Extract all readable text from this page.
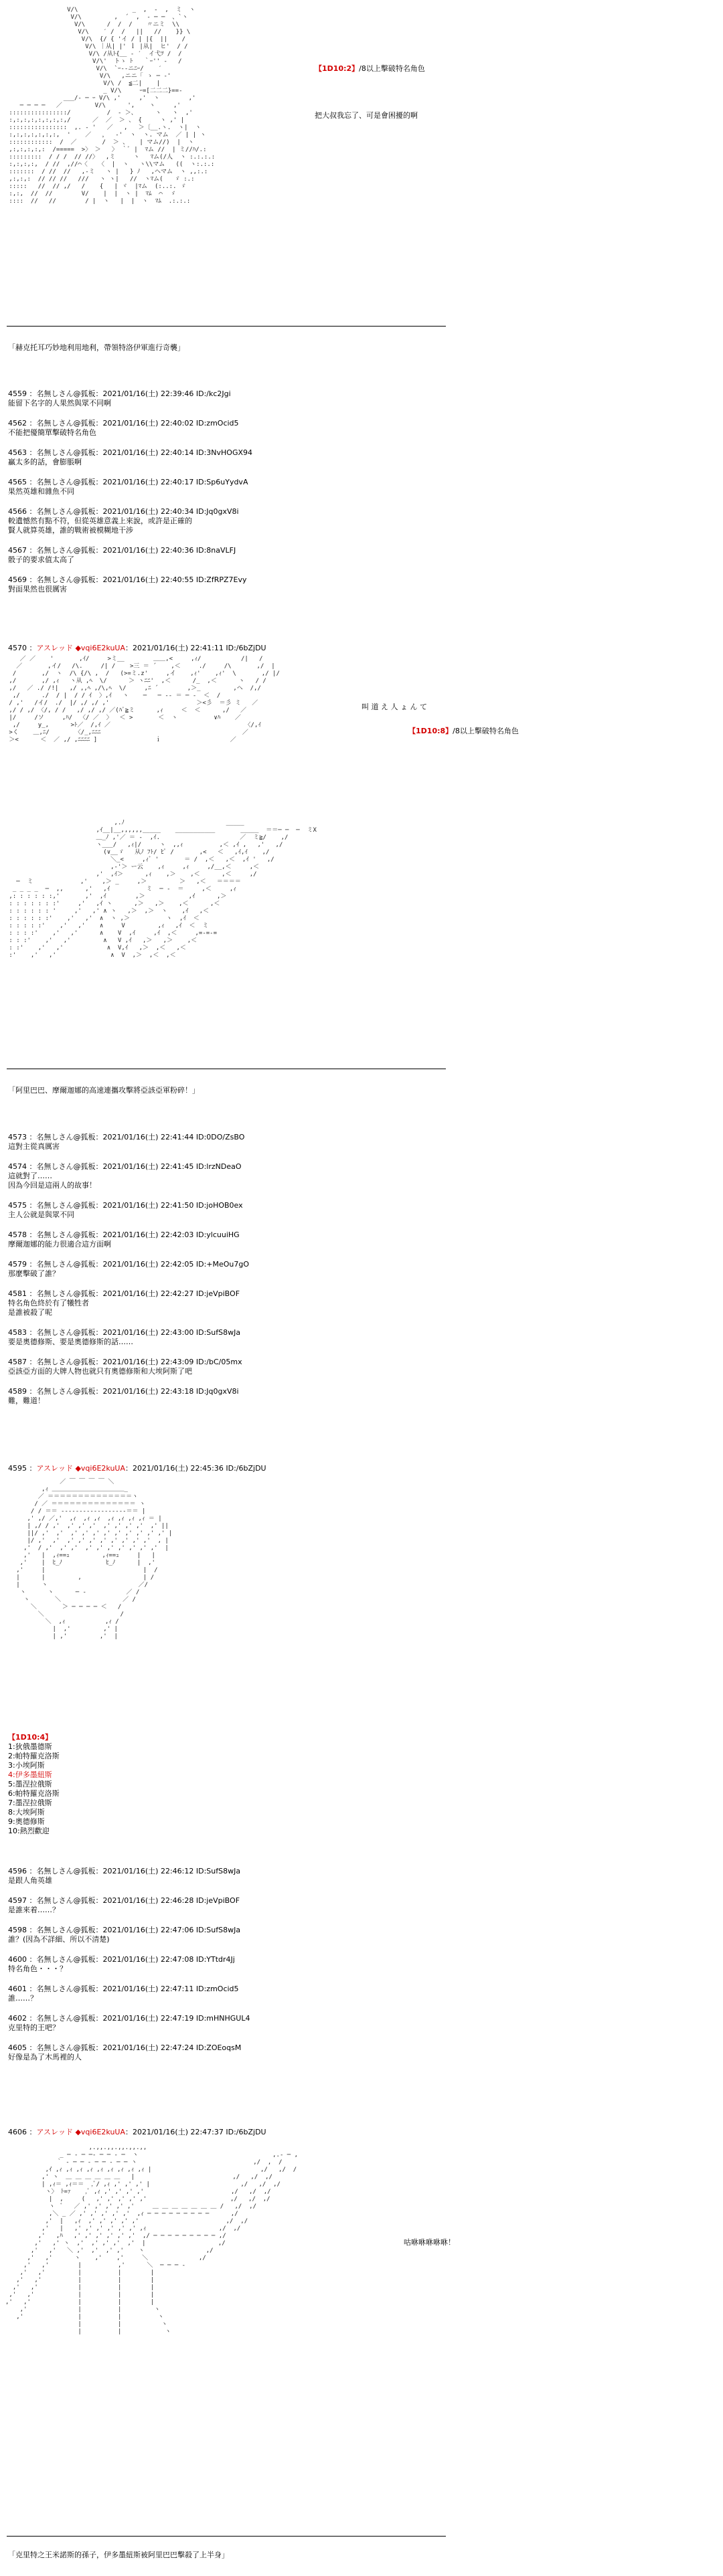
V/\               _  ,  ‐  ,  ミ  ヽ
V/\         ,  ´  ,  ‐ ─ ─  、`ヽ
V/\      /  /  /    〃ニミ  \\
V/\    ′ /  /   ||   //    }} \
V/\  {/ { 'イ / | |{  ||    /
V/\ ｜从| |' ｌ |从|  ヒ'  / /
V/\ /从ﾄ{__ ‐ ′  イ弋ﾂ /  /
V/\'  トゝ ﾄ   ｀ｰ'' ‐   /
V/\  `ｰ‐-ニﾆｰ/    ′
V/\   ,ニニ「 ゝ ─ ‐'
V/\ /  ≦二|    |
_ V/\     ｰ=[二二二}==-
___/‐ ─ ｰ V/\ ,'     ,'  ヽ        ,'
─ ─ ─ ─   ／         V/\      ',    ヽ     ,'
::::::::::::::::/          /  ‐ ＞、     ヽ   ヽ  ,'
:,:,:,:,:,:,:,:,/      ／  ／  ＞ 、 {     ヽ ,' |
::::::::::::::::  ,. ‐ '   ／   ,   ＞〔__.ヽ.  ヽ|  ヽ
:,:,:,:,:,:,:,  '    ／   ，  ‐'  ヽ  ヽ. マム  ／ | | ヽ
::::::::::::  /  ／       /  ＞ 、   | マム//)  |  ヽ
,:,:,:,:,:  /=====  >〉 ＞   〉 ｀ﾞ |  ﾏム //  | ミ//ﾊ/.:
:::::::::  / / /  // //〉  ,ミ     ヽ   ﾏム(/人  ヽ :.:.:.:
:,:,:,:,  / //  ,//⌒〈   〈  |  ヽ   ヽ\\マム   ((  ヽ:.:.:
:::::::  / //  //   ,-ミ   ヽ |   } ﾉ   ,ヘマム  ヽ ,,:.:
,:,:,:  // // //   ///   ヽ ヽ|   //  ヽﾏム(   ゞ :.:
:::::   //  // ,/   /    {   | ヾ  |ﾏム  (:..:. ゞ
:,:,  //  //        V/    |  |  ヽ |  ﾏﾑ  ⌒  ゞ
::::  //   //        / |  ヽ   |  |  ヽ  ﾏﾑ  .:.:.:

【1D10:2】/8以上擊破特名角色
把大叔我忘了、可是會困擾的啊
「赫克托耳巧妙地利用地利，帶領特洛伊軍進行奇襲」
4559 ：名無しさん@狐板：2021/01/16(土) 22:39:46 ID:/kc2Jgi
能留下名字的人果然與眾不同啊
4562 ：名無しさん@狐板：2021/01/16(土) 22:40:02 ID:zmOcid5
不能把優簡單擊破特名角色
4563 ：名無しさん@狐板：2021/01/16(土) 22:40:14 ID:3NvHOGX94
贏太多的話，會膨脹啊
4565 ：名無しさん@狐板：2021/01/16(土) 22:40:17 ID:Sp6uYydvA
果然英雄和雜魚不同
4566 ：名無しさん@狐板：2021/01/16(土) 22:40:34 ID:Jq0gxV8i
較遺憾然有點不符，但從英雄意義上來說，或許是正確的
賢人就算英雄，誰的戰術被模糊地干涉
4567 ：名無しさん@狐板：2021/01/16(土) 22:40:36 ID:8naVLFJ
骰子的要求值太高了
4569 ：名無しさん@狐板：2021/01/16(土) 22:40:55 ID:ZfRPZ7Evy
對面果然也很厲害
4570 ：アスレッド ◆vqi6E2kuUA：2021/01/16(土) 22:41:11 ID:/6bZjDU
／ ／    '       ,ｲ/     >ミ__        ＿＿,<     ,ｨ/           /|   /
／       ,イ/   /\.     /| /    >三 ＝ ´    ,＜     ./     /\       ,/  |
/       ,/  ヽ  /\ {/\ ,  /   (>=ミ.z'     ,イ    ,ｨ'    ,ｨ'  \       ,/ |/
,/       ,/ ,ｨ   ヽ从 ,ﾍ  \/      ＞ ヽﾆﾆ'  ,＜      /_  ,＜      ヽ   / /
,/   ／ ./ /!|   ,/ ,,ﾍ ,/\,ﾍ  \/     ,ﾆ ´        ,＞_         ,ヘ  /,/
,/      ./  / |  / / ｲ  〉,ｲ   ヽ    ─   ─ ‐‐ ＝ ─ ‐  ＜  /
/ ,'   /イ/  ./  |/ ,/ ,/ ,'                        ＞<彡  ＝彡 ミ   ／
,/ / ,/ 〈/, / /   ,/ ,/ ,/ ／(ﾊﾞ≧ミ      ,ｨ     ＜  ＜      ,/   ／
|/     /ソ     ,ﾊ/  〈/ ／  〉  ＜ >       ＜  ヽ          ∨ﾊ    ／
,/     y_,      >ﾄ／  /,ｲ ／                                     〈/,ｲ
>く    ＿,ﾆ/       〈/_,ﾆﾆﾆ                                       ／
＞<      ＜  ／ ,/ ,ﾆﾆﾆﾆ ]                ｉ                   ／

【1D10:8】/8以上擊破特名角色
叫 道 え 人 ょ ん て
,.ﾉ                            _____
,ｲ__|__,,,,,,_____    ___________       _____  ＝＝─ ─  ─  ミX
＿_ﾉ ,'／ ＝ ‐  ,ｲ.                      ／  ミ≧/    ,/
ヽ___/   ,ｨ|/     ヽ  ,,ｨ          ,＜ ,ｲ ,   ,'   ,/
(∨__ゞ   从ﾉ ﾌﾄ/ ﾋﾟ /       ,<   ＜   ,ｲ,ｲ    ,/
＼_<     ,ｨﾞ '       ＝ /  ,＜   ,＜  ,ｲ '   ,/
,-'＞ ー云    ,ｨ     ,ｨ     ,/__,＜     ,＜
,'  ,ｲ＞      ,ｨ    ,＞    ,＜      ,＜     ,/
─  ミ             ,'    ,＞ _     ,＞         ＞   ,＜   ＝＝＝＝
_ _ _ _  ─  ,,      ,'   ,ｲ          ミ  ─ ‐  ＝     ,＜     ,ｨ
,: : : : : :,'       ,'  ,ｲ        ,＞            ,ｲ      ,＞
: : : : : : :'     ,'   ,ｲ ヽ      ,＞   ,＞    ,＜      ,＜
: : : : : : '     ,'   ,' ∧ ヽ   ,＞  ,＞  ヽ    ,ｲ   ,＜
: : : : : :'    ,'   ,'  ∧  ヽ ,＞          ヽ  ,ｲ  ＜
: : : : :'    ,'   ,'    ∧     V         ,ｨ   ,ｲ  ＜  ミ
: : : :'    ,'   ,'      ∧    V  ,ｲ     ,ｲ  ,＜     ,=-=-=
: : :'    ,'   ,'         ∧   V ,ｲ   ,＞   ,＞    ,＜
: :'    ,'   ,'            ∧  V,ｲ   ,＞  ,＜   ,＜
:'    ,'   ,'               ∧  V  ,＞  ,＜  ,＜

「阿里巴巴、摩爾迦娜的高速連攜攻擊將亞該亞軍粉碎！」
4573 ：名無しさん@狐板：2021/01/16(土) 22:41:44 ID:0DO/ZsBO
這對主從真厲害
4574 ：名無しさん@狐板：2021/01/16(土) 22:41:45 ID:lrzNDeaO
這就對了……
因為今回是這兩人的故事！
4575 ：名無しさん@狐板：2021/01/16(土) 22:41:50 ID:joHOB0ex
主人公就是與眾不同
4578 ：名無しさん@狐板：2021/01/16(土) 22:42:03 ID:ylcuuiHG
摩爾迦娜的能力很適合這方面啊
4579 ：名無しさん@狐板：2021/01/16(土) 22:42:05 ID:+MeOu7gO
那麼擊破了誰？
4581 ：名無しさん@狐板：2021/01/16(土) 22:42:27 ID:jeVpiBOF
特名角色終於有了犧牲者
是誰被殺了呢
4583 ：名無しさん@狐板：2021/01/16(土) 22:43:00 ID:SufS8wJa
要是奧德修斯、要是奧德修斯的話……
4587 ：名無しさん@狐板：2021/01/16(土) 22:43:09 ID:/bC/05mx
亞該亞方面的大牌人物也就只有奧德修斯和大埃阿斯了吧
4589 ：名無しさん@狐板：2021/01/16(土) 22:43:18 ID:Jq0gxV8i
難，難道！
4595 ：アスレッド ◆vqi6E2kuUA：2021/01/16(土) 22:45:36 ID:/6bZjDU
／ ￣ ￣ ￣ ￣ ＼
,ｨ ＿＿＿＿＿＿＿＿＿＿＿＿_
／ ＝＝＝＝＝＝＝＝＝＝＝＝＝＝ヽ
/ ／ ＝＝＝＝＝＝＝＝＝＝＝＝＝＝ ヽ
/ / ＝＝ ‐‐‐‐‐‐‐‐‐‐‐‐‐‐‐‐‐‐＝＝ |
,' ,/ ／,'  ,ｨ  ,ｨ ,ｨ  ,ｨ ,ｨ ,ｨ ,ｨ ＝ |
| ,/ / ,'  ,' ,' ,'  ,' ,' ,' ,'  ,' ||
||/ ,'  ,'  ,' ,' ,' ,' ,' ,' ,' ,' ,' |
|/ ,'  ,'  ,' ,' ,' ,' ,' ,' ,' ,'  , |
,'  / ,'  ,' ,'  ,' ,' ,' ,' ,' ,' ,'  |
,'   |  ,ｨ==ｭ         ,ｨ==ｭ     |   |
,'    |  ﾋ_ﾉ            ﾋ_ﾉ      |  ,'
,'     |                           |  /
|      |         ,                 | /
|      ヽ                         ／/
ヽ      ヽ      ─ ‐           ／ /
ヽ       ＼                 ／ /
＼       ＞ ─ ─ ─ ─ ＜   /
＼                     /
＼  ,ｨ           ,ｨ /
|  ,'         ,' |
| ,'         ,'  |

【1D10:4】
1:狄俄墨德斯
2:帕特羅克洛斯
3:小埃阿斯
4:伊多墨紐斯
5:墨涅拉俄斯
6:帕特羅克洛斯
7:墨涅拉俄斯
8:大埃阿斯
9:奧德修斯
10:熱烈歡迎
4596 ：名無しさん@狐板：2021/01/16(土) 22:46:12 ID:SufS8wJa
是跟人角英雄
4597 ：名無しさん@狐板：2021/01/16(土) 22:46:28 ID:jeVpiBOF
是誰來着……？
4598 ：名無しさん@狐板：2021/01/16(土) 22:47:06 ID:SufS8wJa
誰？(因為不詳細、所以不清楚)
4600 ：名無しさん@狐板：2021/01/16(土) 22:47:08 ID:YTtdr4Jj
特名角色・・・？
4601 ：名無しさん@狐板：2021/01/16(土) 22:47:11 ID:zmOcid5
誰……？
4602 ：名無しさん@狐板：2021/01/16(土) 22:47:19 ID:mHNHGUL4
克里特的王吧？
4605 ：名無しさん@狐板：2021/01/16(土) 22:47:24 ID:ZOEoqsM
好像是為了木馬裡的人
4606 ：アスレッド ◆vqi6E2kuUA：2021/01/16(土) 22:47:37 ID:/6bZjDU
,.,,.,,.,,.,,.,,
_ ─ ‐ ─ ─‐ ─ ─ ‐ ─  ヽ                                     ,.‐ ─ ,
｀ ‐ ─ ─ ‐ ─ ─ ‐ ─ ─ ヽ                                ,/  ,  /
,ｲ ,ｨ ,ｨ ,ｨ ,ｨ ,ｨ ,ｨ ,ｨ ,ｨ ,ｨ |                              ,/   ,/  /
,' ヽ  ＿ ＿ ＿ ＿ ＿ ＿   |                           ,/   ,/  ,/
| ,ｨ＝ ,ｨ＝＝  ,ﾞ/ ,ｨ ,' ,' ,' |                         ,/   ,/  ,/
ヽ〉 ﾄ=ｧ    ,ﾞ ,ｨ ,' ,' ,' ,'                        ,/   ,/  ,/
|  ,     (   ,' ,' ,' ,' ,'                       ,/   ,/  ,/
ヽ  ﾞ   ／ ,' ,' ,' ,' ,'     ＿ ＿ ＿ ＿ ＿ ＿ ＿ /   ,/  ,/
,＼ _ ／ ,' ,' ,' ,' ,'  ,ｨ ─ ─ ─ ─ ─ ─ ─ ─ ─      ,/
,'  |   ,ｨ  ,' ,' ,' ,' ,'                        ,/  ,/
,'   |   ,' ,' ,' ,' ,' ,' ,ｨ                    ,/  ,/
,'   ,ﾊ   ,' ,' ,' ,' ,' ,'  ,/ ─ ─ ─ ─ ─ ─ ─ ─ ─ ,/
,'   ,' ヽ  ,'  ,' ,' ,'  ,'  |                    ,/
,'   ,'   ＼ ,'  ,'  ,' ,'    ヽ                 ,/
,'   ,'      ヽ    ,'    ,'     ＼              ,/
,'   ,'        |          ,'      ＼  ─ ─ ─ ‐
,'   ,'         |          |        |
,'   ,'          |          |        |
,'   ,'           |          |        |
,'   ,'            |          |        |
,'   ,'             |          |        |
,'              |          |         ヽ
,'               |          |          ヽ
|          |           ヽ
|          |            ヽ

咕咻咻咻咻咻！
「克里特之王米諾斯的孫子，伊多墨紐斯被阿里巴巴擊殺了上半身」
